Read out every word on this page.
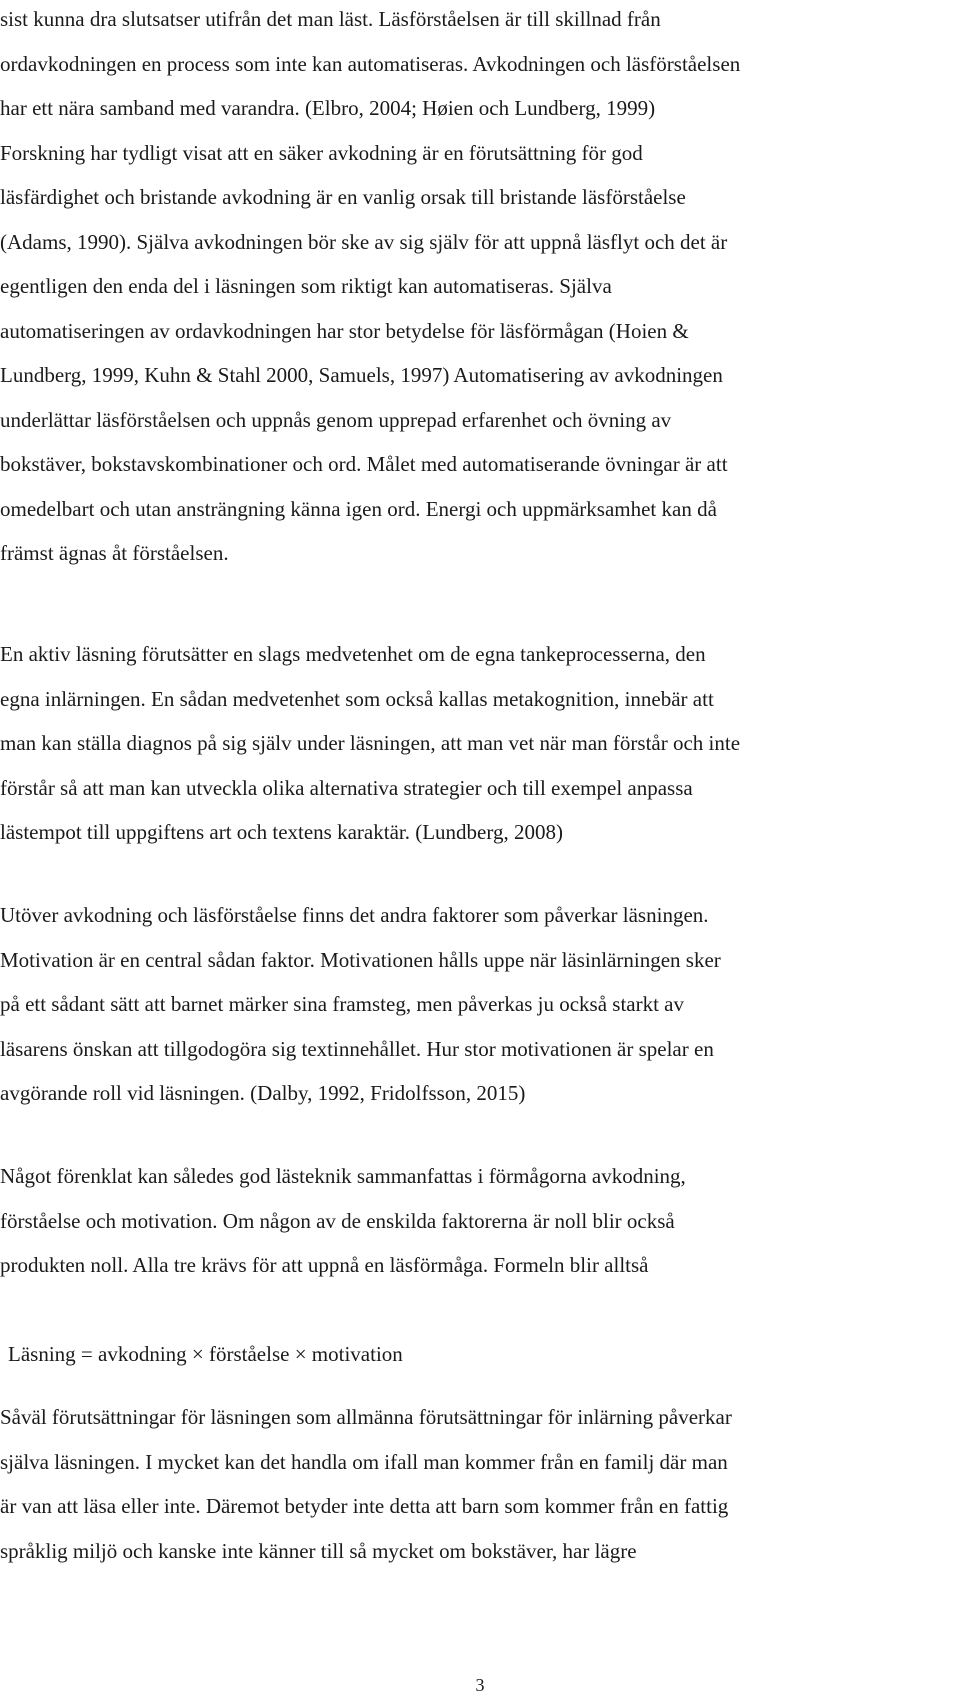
sist kunna dra slutsatser utifrån det man läst. Läsförståelsen är till skillnad från
ordavkodningen en process som inte kan automatiseras. Avkodningen och läsförståelsen
har ett nära samband med varandra. (Elbro, 2004; Høien och Lundberg, 1999)
Forskning har tydligt visat att en säker avkodning är en förutsättning för god
läsfärdighet och bristande avkodning är en vanlig orsak till bristande läsförståelse
(Adams, 1990). Själva avkodningen bör ske av sig själv för att uppnå läsflyt och det är
egentligen den enda del i läsningen som riktigt kan automatiseras. Själva
automatiseringen av ordavkodningen har stor betydelse för läsförmågan (Hoien &
Lundberg, 1999, Kuhn & Stahl 2000, Samuels, 1997) Automatisering av avkodningen
underlättar läsförståelsen och uppnås genom upprepad erfarenhet och övning av
bokstäver, bokstavskombinationer och ord. Målet med automatiserande övningar är att
omedelbart och utan ansträngning känna igen ord. Energi och uppmärksamhet kan då
främst ägnas åt förståelsen.
En aktiv läsning förutsätter en slags medvetenhet om de egna tankeprocesserna, den
egna inlärningen. En sådan medvetenhet som också kallas metakognition, innebär att
man kan ställa diagnos på sig själv under läsningen, att man vet när man förstår och inte
förstår så att man kan utveckla olika alternativa strategier och till exempel anpassa
lästempot till uppgiftens art och textens karaktär. (Lundberg, 2008)
Utöver avkodning och läsförståelse finns det andra faktorer som påverkar läsningen.
Motivation är en central sådan faktor. Motivationen hålls uppe när läsinlärningen sker
på ett sådant sätt att barnet märker sina framsteg, men påverkas ju också starkt av
läsarens önskan att tillgodogöra sig textinnehållet. Hur stor motivationen är spelar en
avgörande roll vid läsningen. (Dalby, 1992, Fridolfsson, 2015)
Något förenklat kan således god lästeknik sammanfattas i förmågorna avkodning,
förståelse och motivation. Om någon av de enskilda faktorerna är noll blir också
produkten noll. Alla tre krävs för att uppnå en läsförmåga. Formeln blir alltså
Läsning = avkodning × förståelse × motivation
Såväl förutsättningar för läsningen som allmänna förutsättningar för inlärning påverkar
själva läsningen. I mycket kan det handla om ifall man kommer från en familj där man
är van att läsa eller inte. Däremot betyder inte detta att barn som kommer från en fattig
språklig miljö och kanske inte känner till så mycket om bokstäver, har lägre
3
